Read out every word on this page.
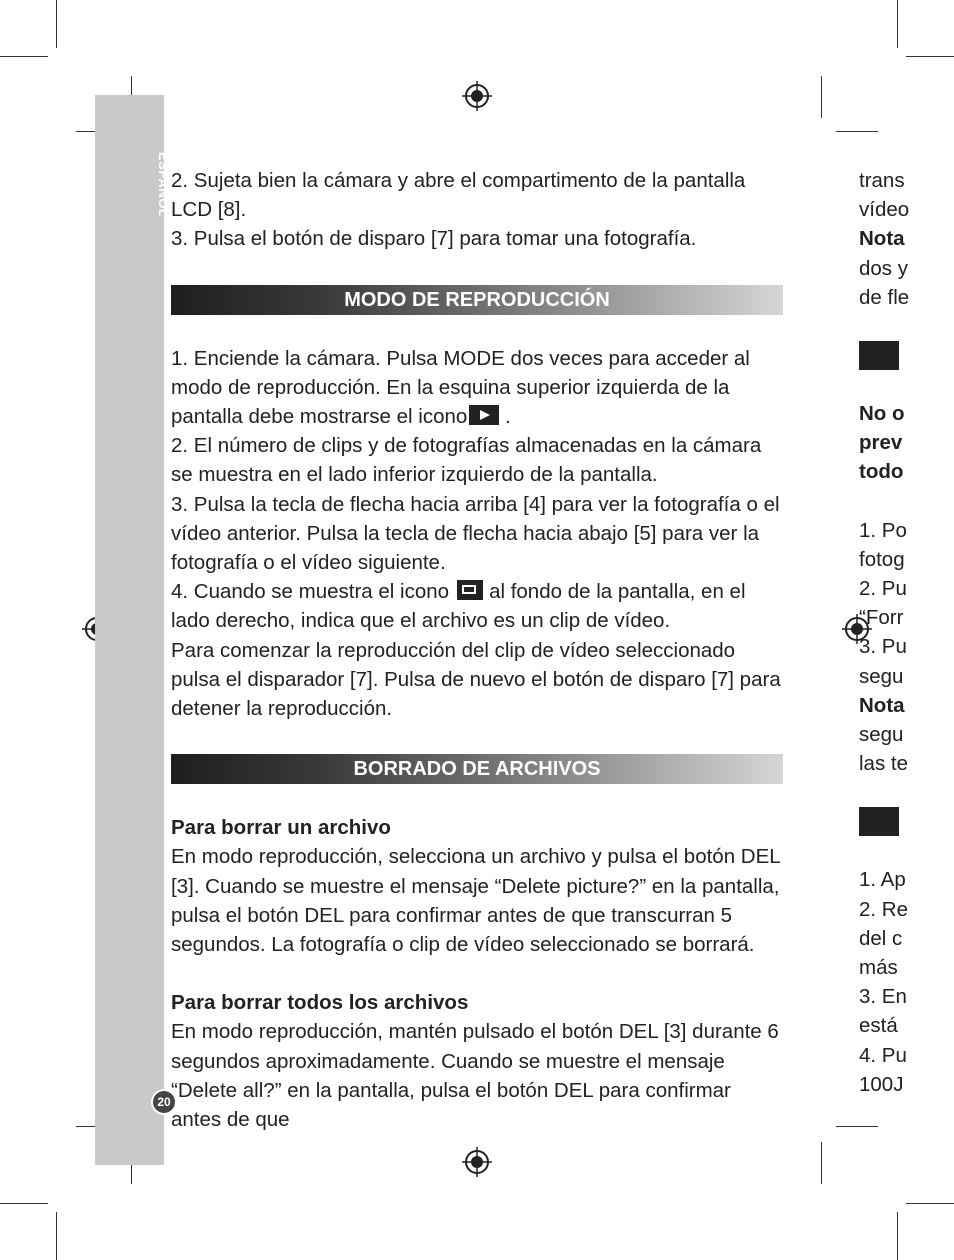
ESPAÑOL
20

2. Sujeta bien la cámara y abre el compartimento de la pantalla LCD [8].

3. Pulsa el botón de disparo [7] para tomar una fotografía.

MODO DE REPRODUCCIÓN

1. Enciende la cámara. Pulsa MODE dos veces para acceder al modo de reproducción. En la esquina superior izquierda de la pantalla debe mostrarse el icono .

2. El número de clips y de fotografías almacenadas en la cámara se muestra en el lado inferior izquierdo de la pantalla.

3. Pulsa la tecla de flecha hacia arriba [4] para ver la fotografía o el vídeo anterior. Pulsa la tecla de flecha hacia abajo [5] para ver la fotografía o el vídeo siguiente.

4. Cuando se muestra el icono al fondo de la pantalla, en el lado derecho, indica que el archivo es un clip de vídeo.

Para comenzar la reproducción del clip de vídeo seleccionado pulsa el disparador [7]. Pulsa de nuevo el botón de disparo [7] para detener la reproducción.

BORRADO DE ARCHIVOS

Para borrar un archivo

En modo reproducción, selecciona un archivo y pulsa el botón DEL [3]. Cuando se muestre el mensaje “Delete picture?” en la pantalla, pulsa el botón DEL para confirmar antes de que transcurran 5 segundos. La fotografía o clip de vídeo seleccionado se borrará.

Para borrar todos los archivos

En modo reproducción, mantén pulsado el botón DEL [3] durante 6 segundos aproximadamente. Cuando se muestre el mensaje “Delete all?” en la pantalla, pulsa el botón DEL para confirmar antes de que

trans

vídeo

Nota

dos y

de fle

No o

prev

todo

1. Po

fotog

2. Pu

“Forr

3. Pu

segu

Nota

segu

las te

1. Ap

2. Re

del c

más

3. En

está

4. Pu

100J
